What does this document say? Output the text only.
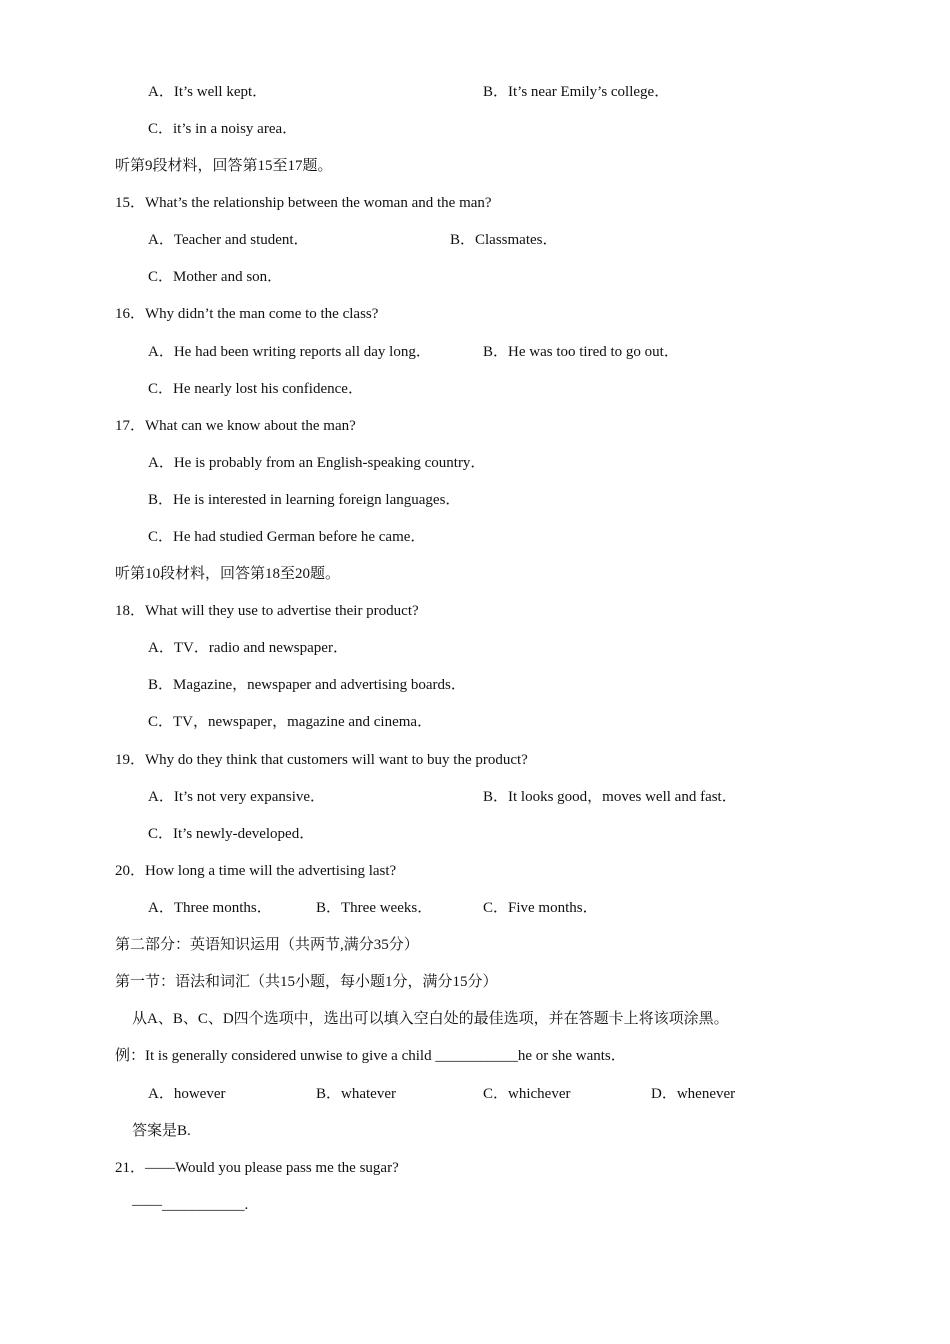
A．It’s well kept．	B．It’s near Emily’s college．
C．it’s in a noisy area．
听第9段材料，回答第15至17题。
15．What’s the relationship between the woman and the man?
A．Teacher and student．	B．Classmates．
C．Mother and son．
16．Why didn’t the man come to the class?
A．He had been writing reports all day long．	B．He was too tired to go out．
C．He nearly lost his confidence．
17．What can we know about the man?
A．He is probably from an English-speaking country．
B．He is interested in learning foreign languages．
C．He had studied German before he came．
听第10段材料，回答第18至20题。
18．What will they use to advertise their product?
A．TV．radio and newspaper．
B．Magazine，newspaper and advertising boards．
C．TV，newspaper，magazine and cinema．
19．Why do they think that customers will want to buy the product?
A．It’s not very expansive．	B．It looks good，moves well and fast．
C．It’s newly-developed．
20．How long a time will the advertising last?
A．Three months．	B．Three weeks．	C．Five months．
第二部分：英语知识运用（共两节,满分35分）
第一节：语法和词汇（共15小题，每小题1分，满分15分）
从A、B、C、D四个选项中，选出可以填入空白处的最佳选项，并在答题卡上将该项涂黑。
例：It is generally considered unwise to give a child ___________he or she wants．
A．however	B．whatever	C．whichever	D．whenever
答案是B.
21．——Would you please pass me the sugar?
——___________.
